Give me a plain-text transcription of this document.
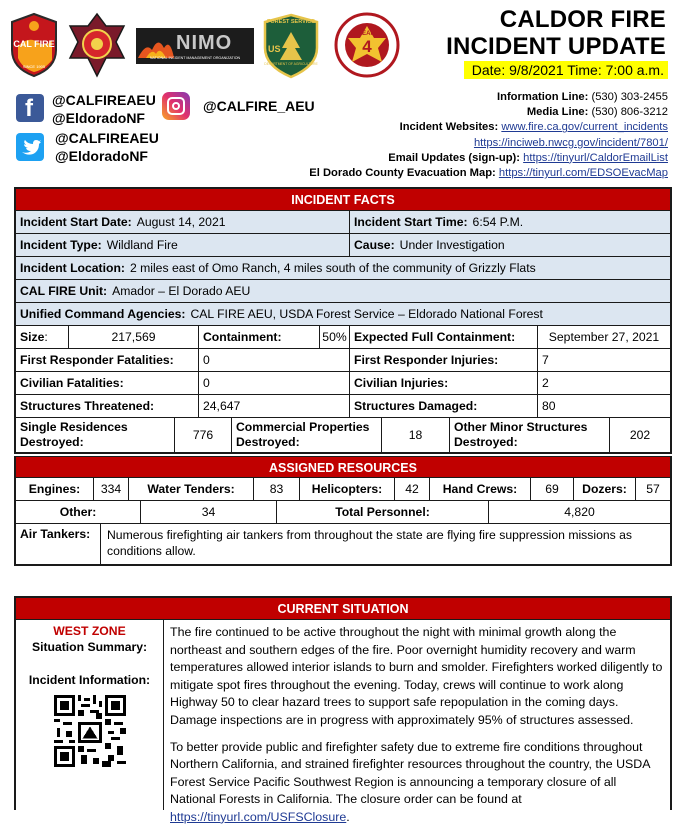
CAL FIRE
SINCE 1905
NIMO
NATIONAL INCIDENT MANAGEMENT ORGANIZATION
FOREST SERVICE
US
DEPARTMENT OF AGRICULTURE
TEAM
4
CALDOR FIRE
INCIDENT UPDATE
Date: 9/8/2021 Time: 7:00 a.m.
f @CALFIREAEU
@EldoradoNF
@CALFIRE_AEU
@CALFIREAEU
@EldoradoNF
Information Line: (530) 303-2455
Media Line: (530) 806-3212
Incident Websites: www.fire.ca.gov/current_incidents
https://inciweb.nwcg.gov/incident/7801/
Email Updates (sign-up): https://tinyurl/CaldorEmailList
El Dorado County Evacuation Map: https://tinyurl.com/EDSOEvacMap
INCIDENT FACTS
Incident Start Date: August 14, 2021	Incident Start Time: 6:54 P.M.
Incident Type: Wildland Fire	Cause: Under Investigation
Incident Location: 2 miles east of Omo Ranch, 4 miles south of the community of Grizzly Flats
CAL FIRE Unit: Amador – El Dorado AEU
Unified Command Agencies: CAL FIRE AEU, USDA Forest Service – Eldorado National Forest
Size :	217,569	Containment:	50% Expected Full Containment:	September 27, 2021
First Responder Fatalities:	0	First Responder Injuries:	7
Civilian Fatalities:	0	Civilian Injuries:	2
Structures Threatened:	24,647	Structures Damaged:	80
Single Residences
Destroyed:	776
Commercial Properties
Destroyed:	18
Other Minor Structures
Destroyed:	202
ASSIGNED RESOURCES
Engines:	334	Water Tenders:	83	Helicopters:	42	Hand Crews:	69	Dozers:	57
Other:	34	Total Personnel:	4,820
Air Tankers:	Numerous firefighting air tankers from throughout the state are flying fire suppression missions as conditions allow.
CURRENT SITUATION
WEST ZONE
Situation Summary:
Incident Information:

The fire continued to be active throughout the night with minimal growth along the northeast and southern edges of the fire. Poor overnight humidity recovery and warm temperatures allowed interior islands to burn and smolder. Firefighters worked diligently to mitigate spot fires throughout the evening. Today, crews will continue to work along Highway 50 to clear hazard trees to support safe repopulation in the coming days. Damage inspections are in progress with approximately 95% of structures assessed.

To better provide public and firefighter safety due to extreme fire conditions throughout Northern California, and strained firefighter resources throughout the country, the USDA Forest Service Pacific Southwest Region is announcing a temporary closure of all National Forests in California. The closure order can be found at https://tinyurl.com/USFSClosure.
